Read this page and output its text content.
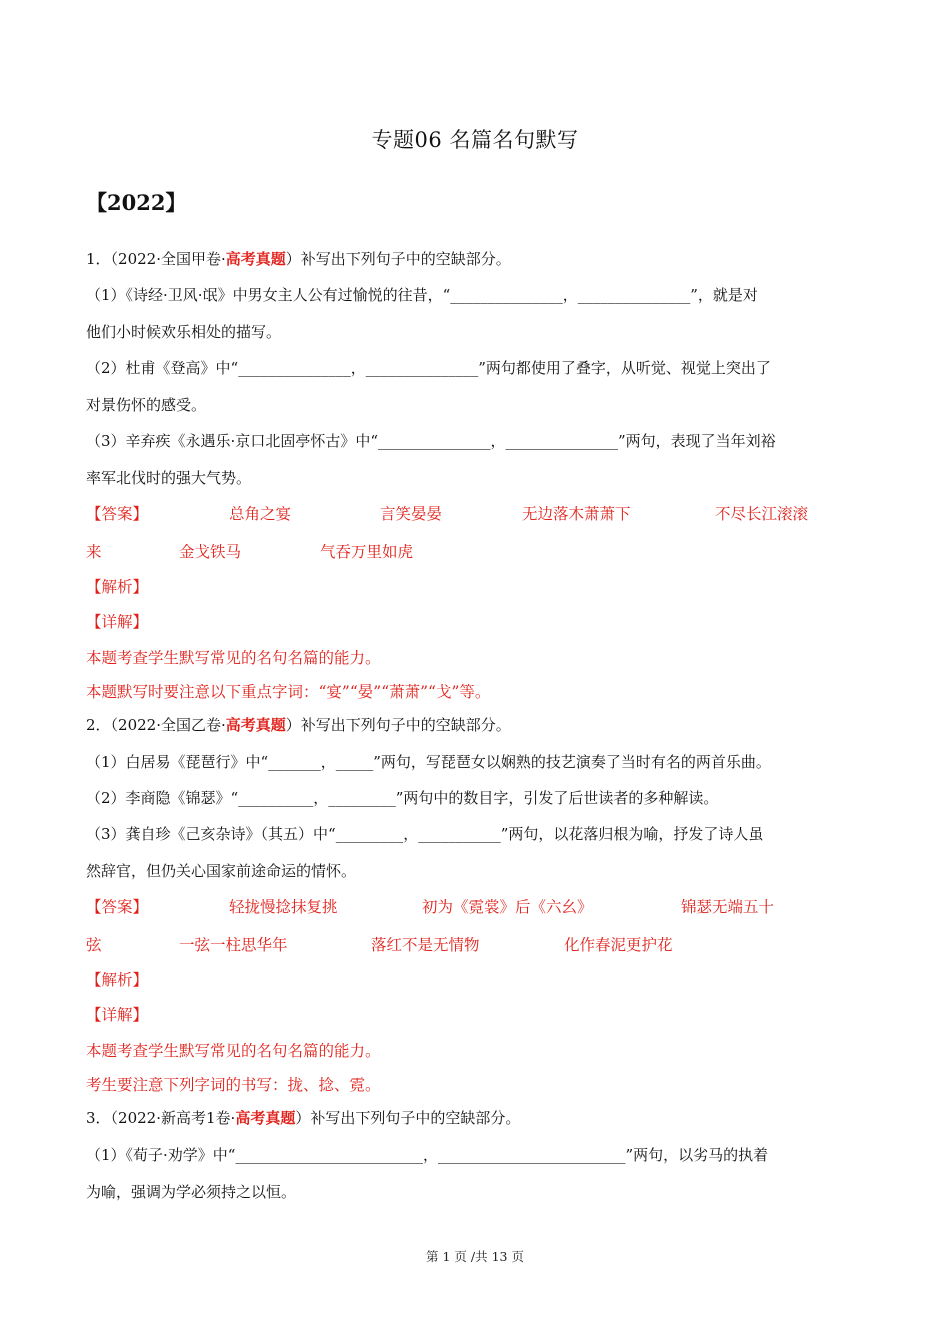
专题06 名篇名句默写
【2022】
1．（2022·全国甲卷·高考真题）补写出下列句子中的空缺部分。
（1）《诗经·卫风·氓》中男女主人公有过愉悦的往昔，“_______________，_______________”，就是对
他们小时候欢乐相处的描写。
（2）杜甫《登高》中“_______________，_______________”两句都使用了叠字，从听觉、视觉上突出了
对景伤怀的感受。
（3）辛弃疾《永遇乐·京口北固亭怀古》中“_______________，_______________”两句，表现了当年刘裕
率军北伐时的强大气势。
【答案】	总角之宴	言笑晏晏	无边落木萧萧下	不尽长江滚滚
来	金戈铁马	气吞万里如虎
【解析】
【详解】
本题考查学生默写常见的名句名篇的能力。
本题默写时要注意以下重点字词：“宴”“晏”“萧萧”“戈”等。
2．（2022·全国乙卷·高考真题）补写出下列句子中的空缺部分。
（1）白居易《琵琶行》中“_______，_____”两句，写琵琶女以娴熟的技艺演奏了当时有名的两首乐曲。
（2）李商隐《锦瑟》“__________，_________”两句中的数目字，引发了后世读者的多种解读。
（3）龚自珍《己亥杂诗》（其五）中“_________，___________”两句，以花落归根为喻，抒发了诗人虽
然辞官，但仍关心国家前途命运的情怀。
【答案】	轻拢慢捻抹复挑	初为《霓裳》后《六幺》	锦瑟无端五十
弦	一弦一柱思华年	落红不是无情物	化作春泥更护花
【解析】
【详解】
本题考查学生默写常见的名句名篇的能力。
考生要注意下列字词的书写：拢、捻、霓。
3．（2022·新高考1卷·高考真题）补写出下列句子中的空缺部分。
（1）《荀子·劝学》中“_________________________，_________________________”两句，以劣马的执着
为喻，强调为学必须持之以恒。
第 1 页 /共 13 页
